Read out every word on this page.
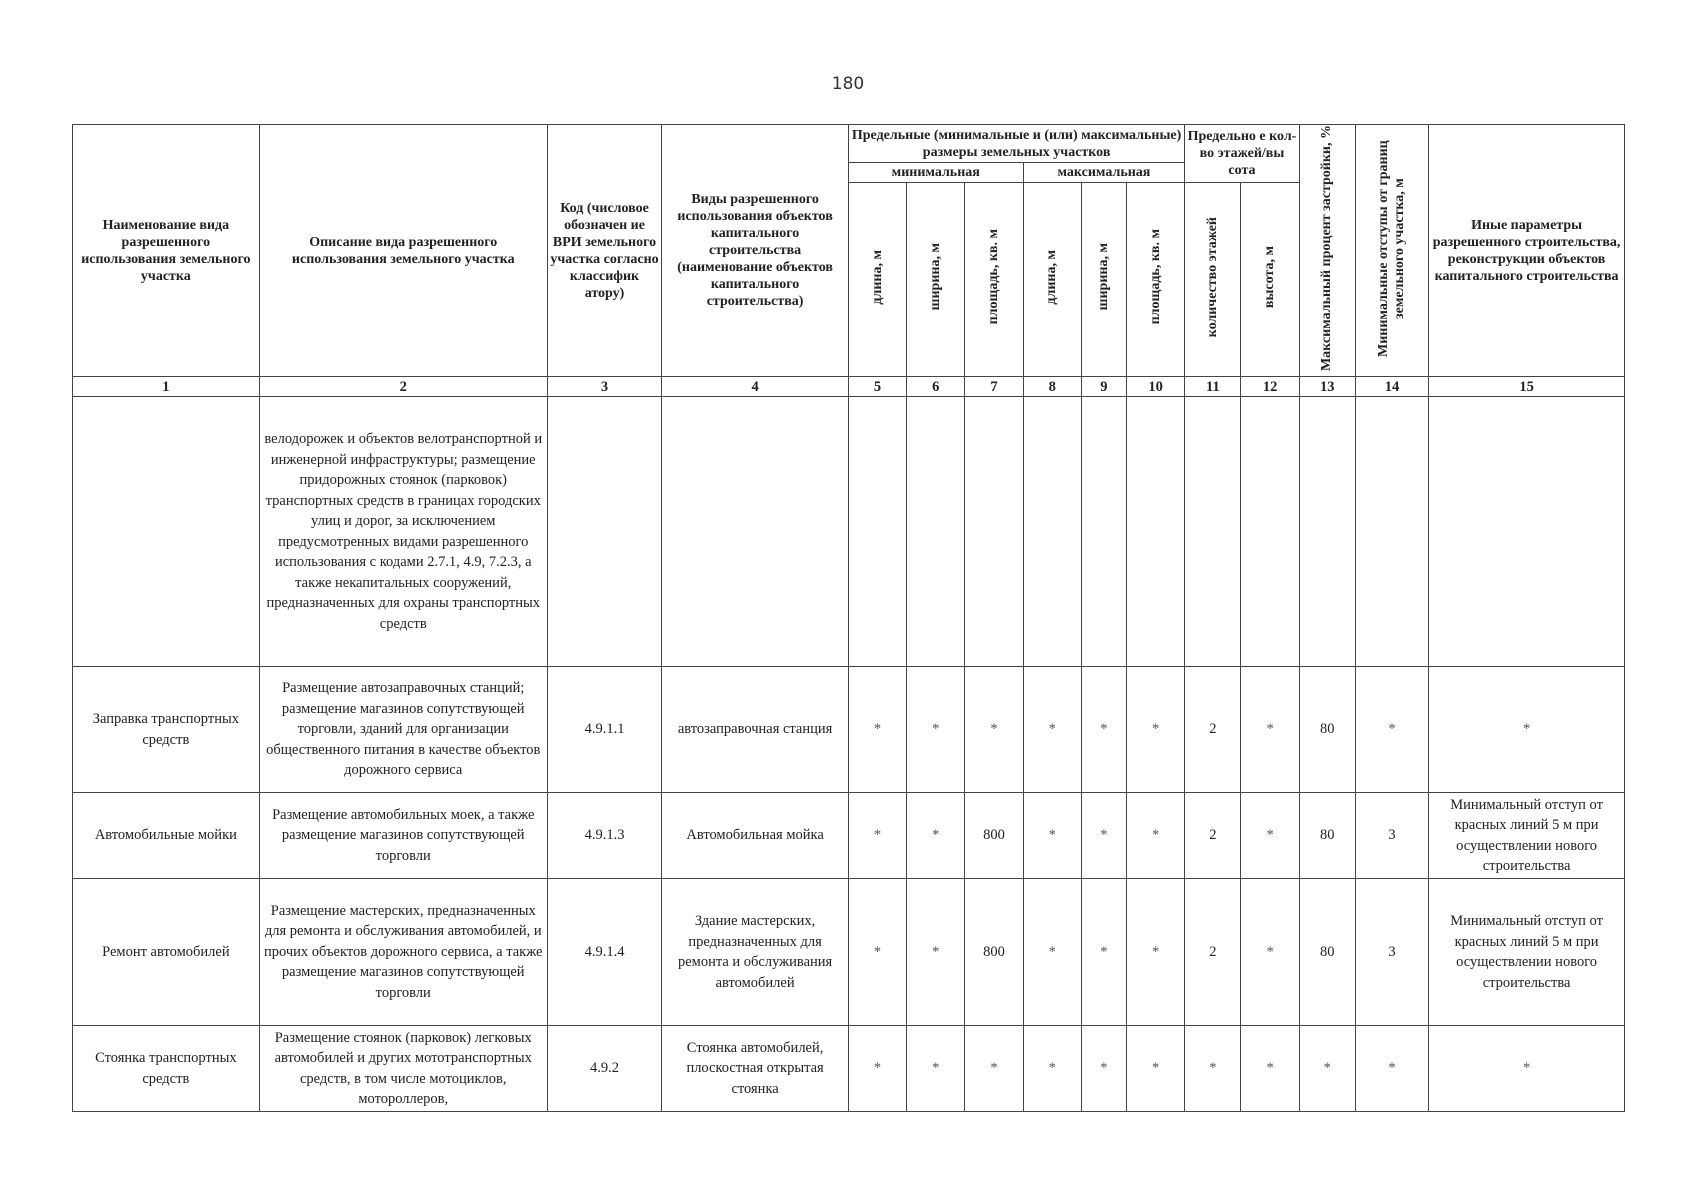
180
Наименование вида разрешенного использования земельного участка	Описание вида разрешенного использования земельного участка	Код (числовое обозначен ие ВРИ земельного участка согласно классифик атору)	Виды разрешенного использования объектов капитального строительства (наименование объектов капитального строительства)	Предельные (минимальные и (или) максимальные) размеры земельных участков						Предельно е кол-во этажей/вы сота		Максимальный процент застройки, %	Минимальные отступы от границ земельного участка, м	Иные параметры разрешенного строительства, реконструкции объектов капитального строительства
				минимальная			максимальная							
				длина, м	ширина, м	площадь, кв. м	длина, м	ширина, м	площадь, кв. м	количество этажей	высота, м			
1	2	3	4	5	6	7	8	9	10	11	12	13	14	15
	велодорожек и объектов велотранспортной и инженерной инфраструктуры; размещение придорожных стоянок (парковок) транспортных средств в границах городских улиц и дорог, за исключением предусмотренных видами разрешенного использования с кодами 2.7.1, 4.9, 7.2.3, а также некапитальных сооружений, предназначенных для охраны транспортных средств													
Заправка транспортных средств	Размещение автозаправочных станций; размещение магазинов сопутствующей торговли, зданий для организации общественного питания в качестве объектов дорожного сервиса	4.9.1.1	автозаправочная станция	*	*	*	*	*	*	2	*	80	*	*
Автомобильные мойки	Размещение автомобильных моек, а также размещение магазинов сопутствующей торговли	4.9.1.3	Автомобильная мойка	*	*	800	*	*	*	2	*	80	3	Минимальный отступ от красных линий 5 м при осуществлении нового строительства
Ремонт автомобилей	Размещение мастерских, предназначенных для ремонта и обслуживания автомобилей, и прочих объектов дорожного сервиса, а также размещение магазинов сопутствующей торговли	4.9.1.4	Здание мастерских, предназначенных для ремонта и обслуживания автомобилей	*	*	800	*	*	*	2	*	80	3	Минимальный отступ от красных линий 5 м при осуществлении нового строительства
Стоянка транспортных средств	Размещение стоянок (парковок) легковых автомобилей и других мототранспортных средств, в том числе мотоциклов, мотороллеров,	4.9.2	Стоянка автомобилей, плоскостная открытая стоянка	*	*	*	*	*	*	*	*	*	*	*
